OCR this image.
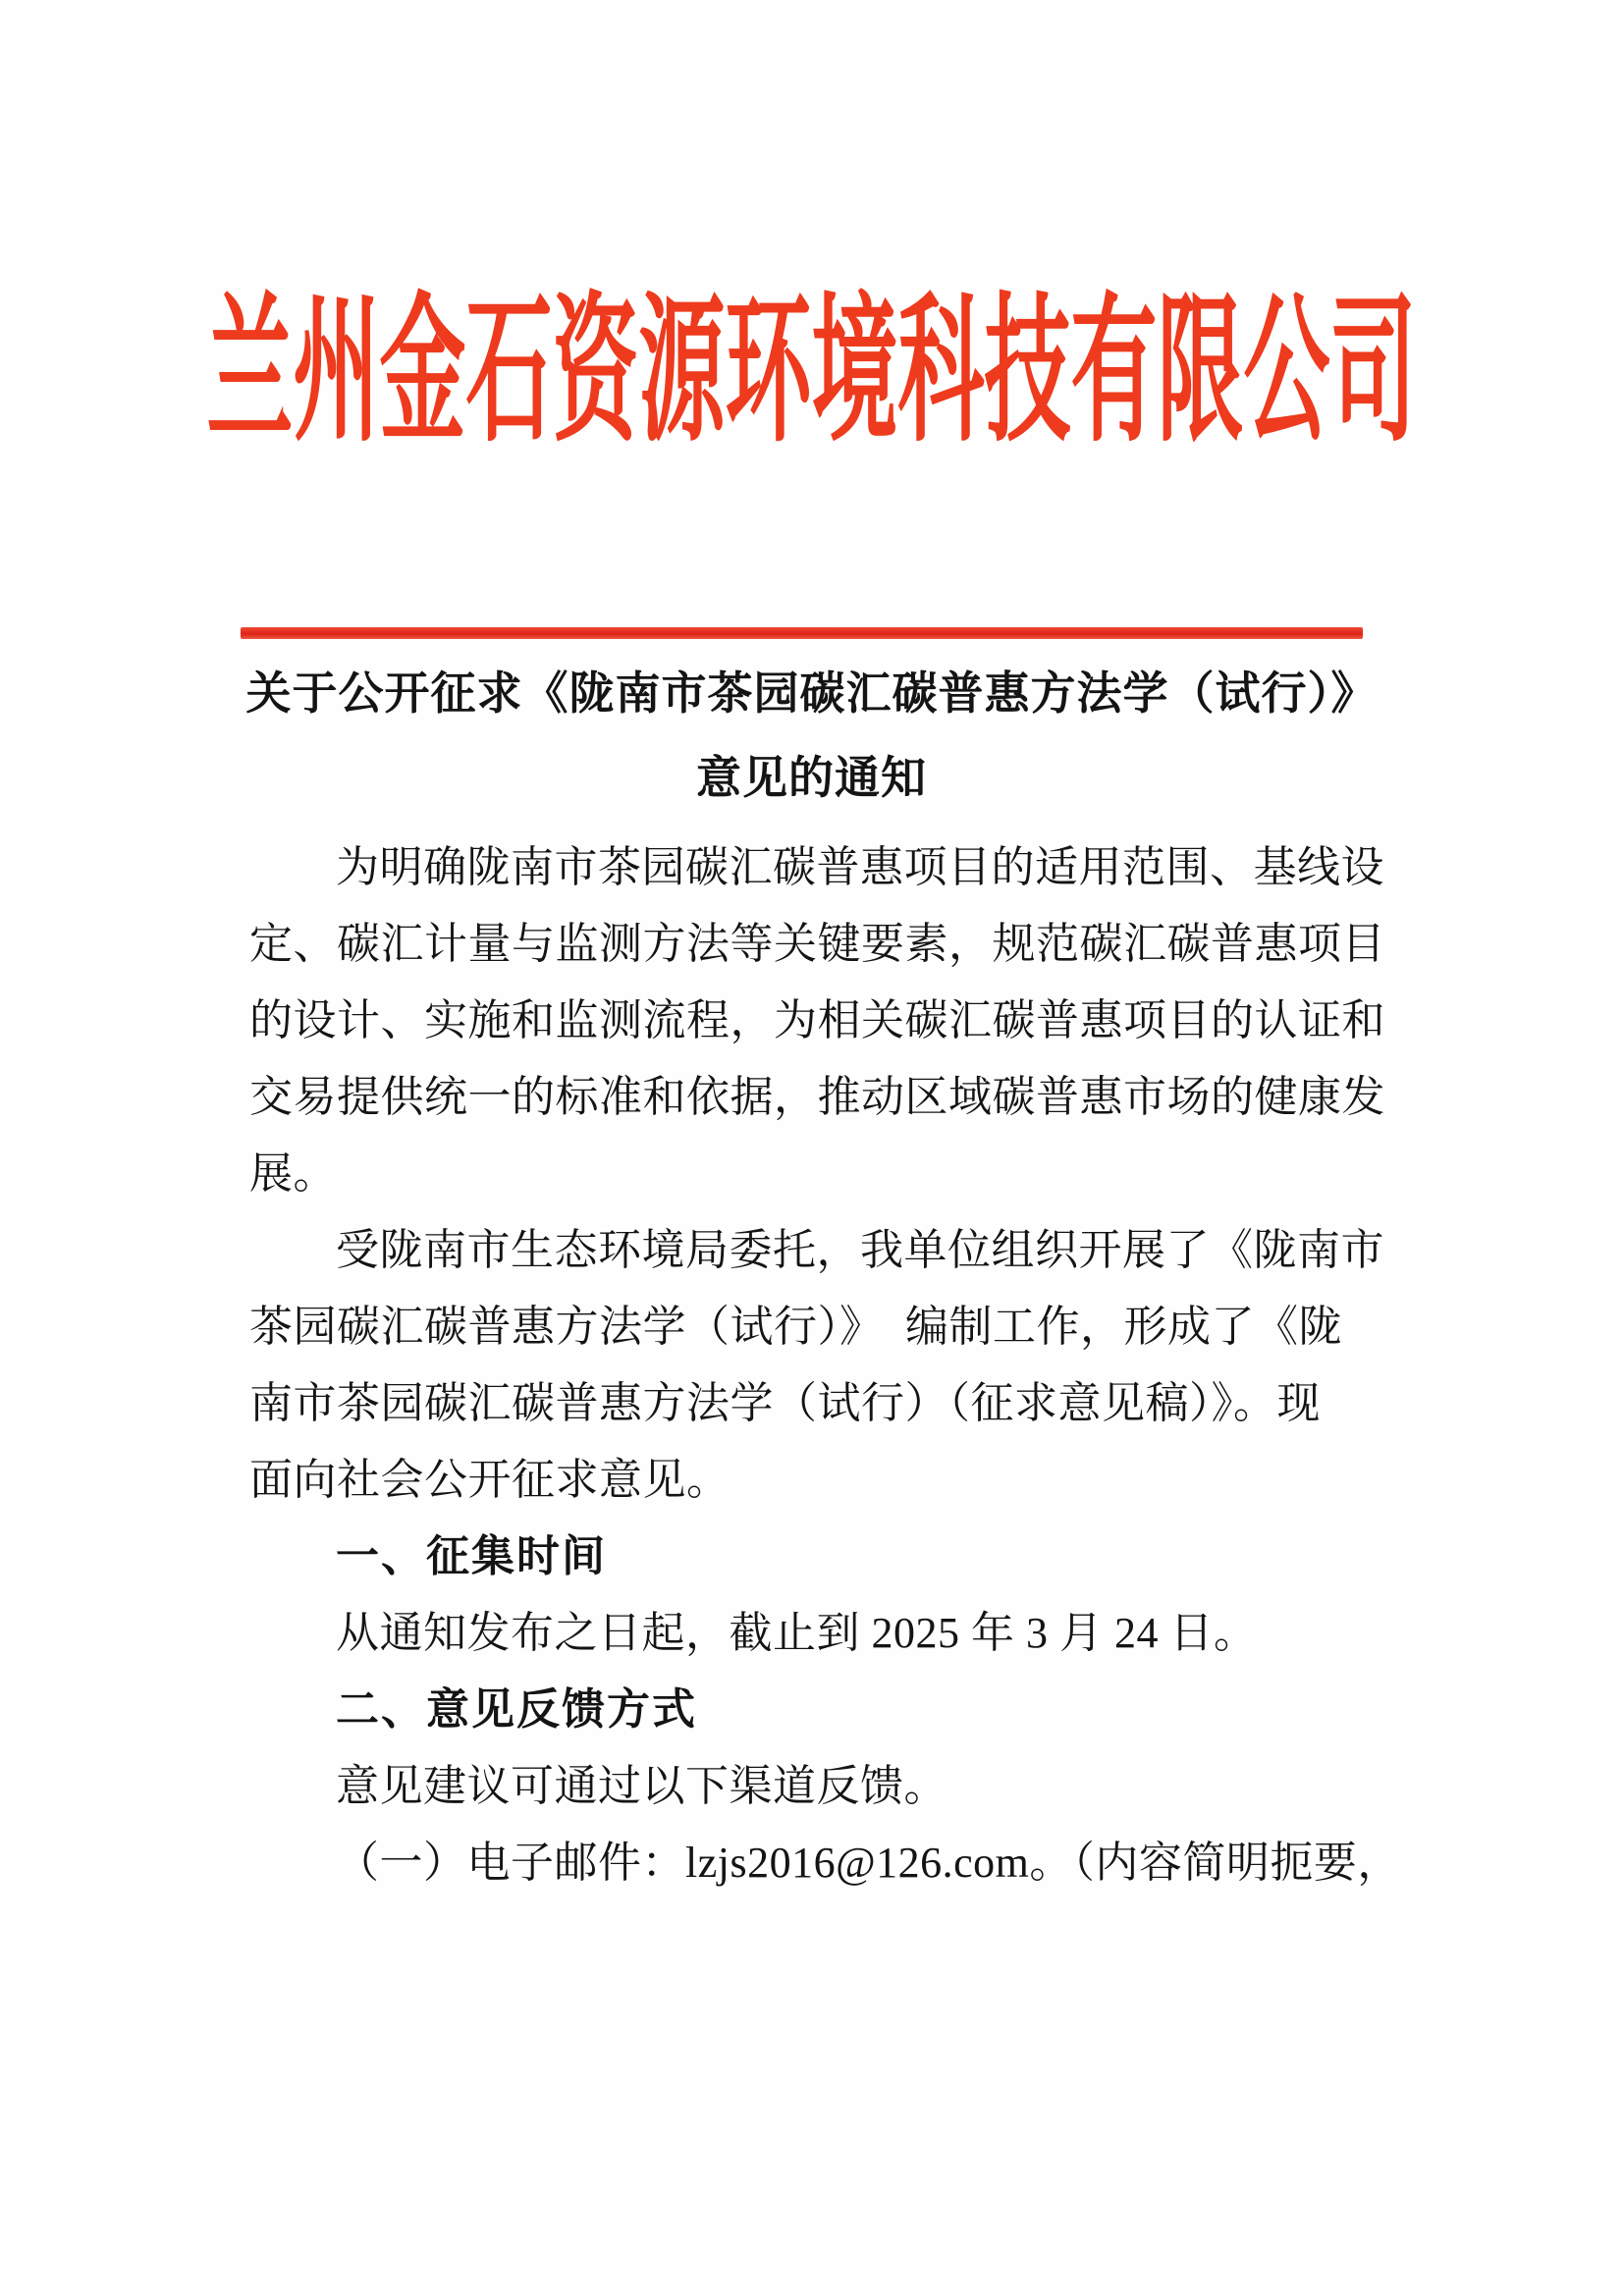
兰州金石资源环境科技有限公司
关于公开征求《陇南市茶园碳汇碳普惠方法学（试行）》
意见的通知
为明确陇南市茶园碳汇碳普惠项目的适用范围、基线设
定、碳汇计量与监测方法等关键要素，规范碳汇碳普惠项目
的设计、实施和监测流程，为相关碳汇碳普惠项目的认证和
交易提供统一的标准和依据，推动区域碳普惠市场的健康发
展。
受陇南市生态环境局委托，我单位组织开展了《陇南市
茶园碳汇碳普惠方法学（试行）》　编制工作，形成了《陇
南市茶园碳汇碳普惠方法学（试行）（征求意见稿）》。现
面向社会公开征求意见。
一、征集时间
从通知发布之日起，截止到 2025 年 3 月 24 日。
二、意见反馈方式
意见建议可通过以下渠道反馈。
（一）电子邮件：lzjs2016@126.com。（内容简明扼要，
